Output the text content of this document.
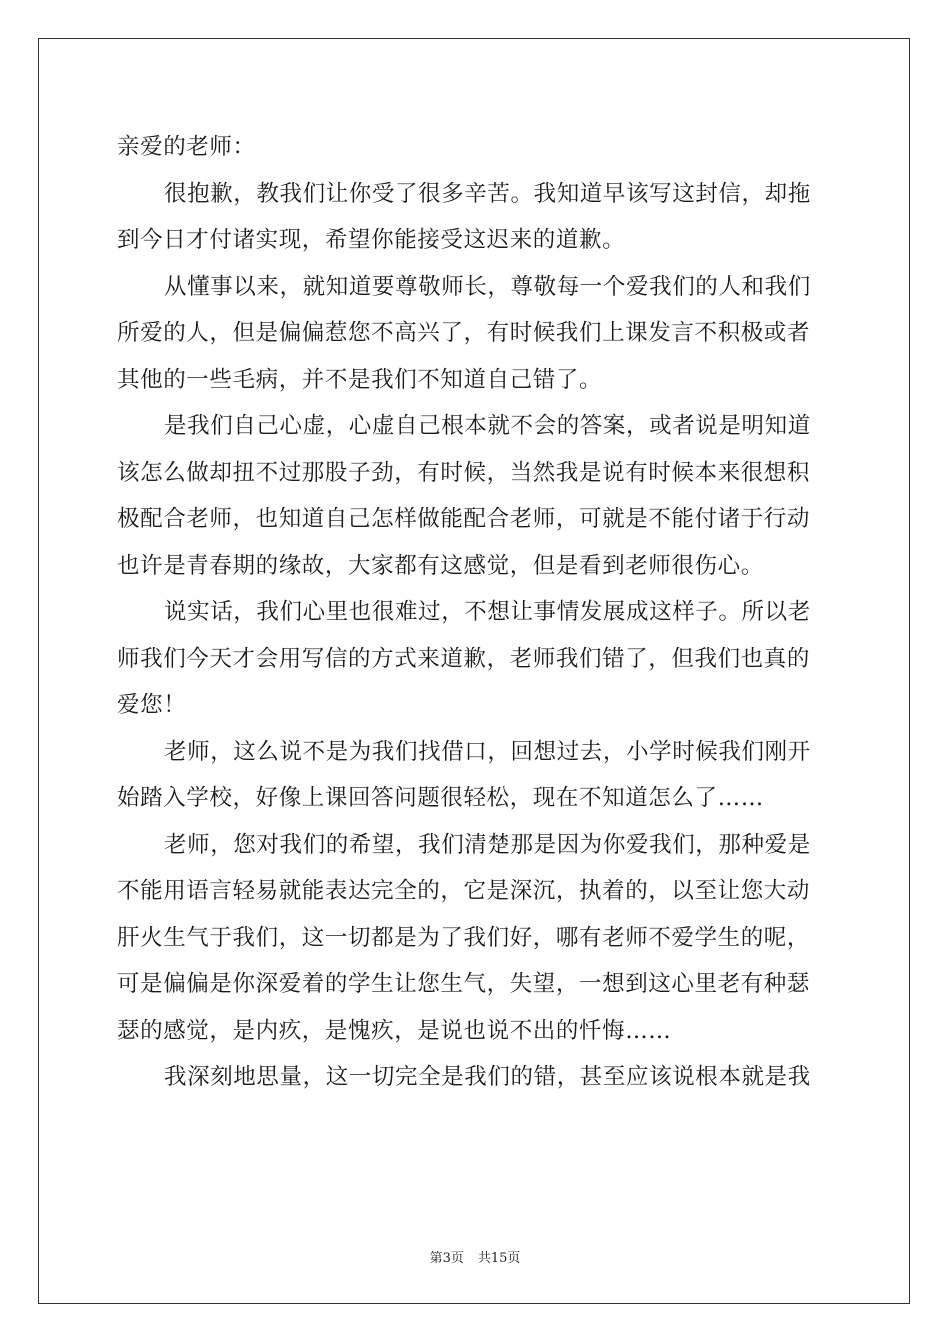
亲爱的老师：
很抱歉，教我们让你受了很多辛苦。我知道早该写这封信，却拖
到今日才付诸实现，希望你能接受这迟来的道歉。
从懂事以来，就知道要尊敬师长，尊敬每一个爱我们的人和我们
所爱的人，但是偏偏惹您不高兴了，有时候我们上课发言不积极或者
其他的一些毛病，并不是我们不知道自己错了。
是我们自己心虚，心虚自己根本就不会的答案，或者说是明知道
该怎么做却扭不过那股子劲，有时候，当然我是说有时候本来很想积
极配合老师，也知道自己怎样做能配合老师，可就是不能付诸于行动
也许是青春期的缘故，大家都有这感觉，但是看到老师很伤心。
说实话，我们心里也很难过，不想让事情发展成这样子。所以老
师我们今天才会用写信的方式来道歉，老师我们错了，但我们也真的
爱您！
老师，这么说不是为我们找借口，回想过去，小学时候我们刚开
始踏入学校，好像上课回答问题很轻松，现在不知道怎么了……
老师，您对我们的希望，我们清楚那是因为你爱我们，那种爱是
不能用语言轻易就能表达完全的，它是深沉，执着的，以至让您大动
肝火生气于我们，这一切都是为了我们好，哪有老师不爱学生的呢，
可是偏偏是你深爱着的学生让您生气，失望，一想到这心里老有种瑟
瑟的感觉，是内疚，是愧疚，是说也说不出的忏悔……
我深刻地思量，这一切完全是我们的错，甚至应该说根本就是我
第3页 共15页
